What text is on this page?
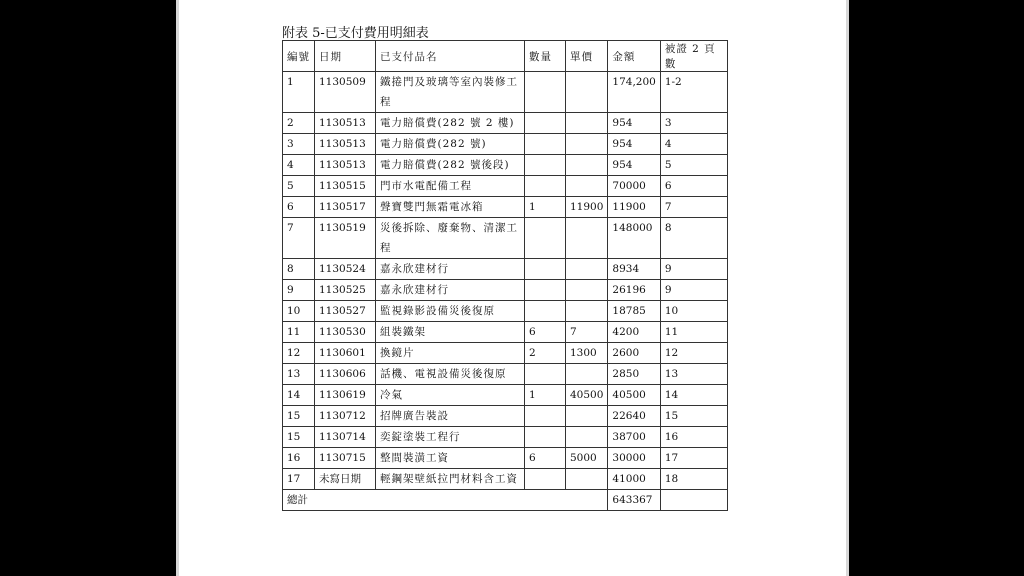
附表 5-已支付費用明細表
編號	日期	已支付品名	數量	單價	金額	被證 2 頁數
1	1130509	鐵捲門及玻璃等室內裝修工程			174,200	1-2
2	1130513	電力賠償費(282 號 2 樓)			954	3
3	1130513	電力賠償費(282 號)			954	4
4	1130513	電力賠償費(282 號後段)			954	5
5	1130515	門市水電配備工程			70000	6
6	1130517	聲寶雙門無霜電冰箱	1	11900	11900	7
7	1130519	災後拆除、廢棄物、清潔工程			148000	8
8	1130524	嘉永欣建材行			8934	9
9	1130525	嘉永欣建材行			26196	9
10	1130527	監視錄影設備災後復原			18785	10
11	1130530	組裝鐵架	6	7	4200	11
12	1130601	換鏡片	2	1300	2600	12
13	1130606	話機、電視設備災後復原			2850	13
14	1130619	冷氣	1	40500	40500	14
15	1130712	招牌廣告裝設			22640	15
15	1130714	奕錠塗裝工程行			38700	16
16	1130715	整間裝潢工資	6	5000	30000	17
17	未寫日期	輕鋼架壁紙拉門材料含工資			41000	18
總計					643367	
